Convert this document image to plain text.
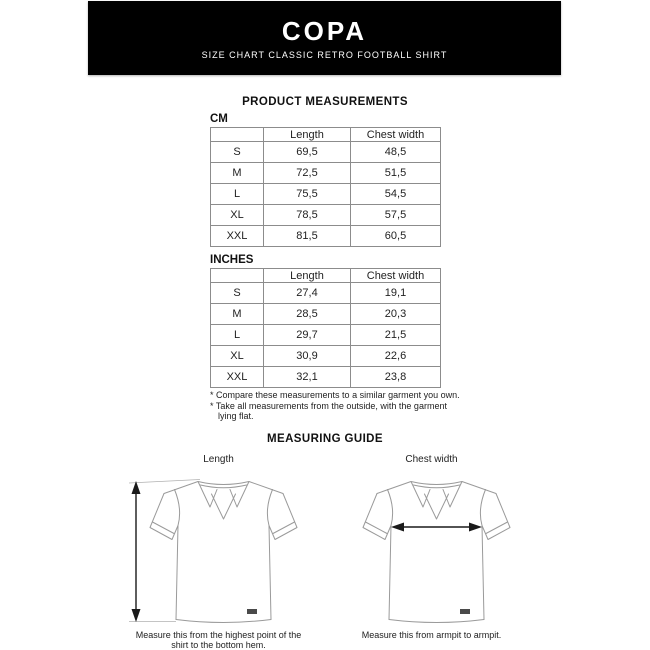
COPA
SIZE CHART CLASSIC RETRO FOOTBALL SHIRT
PRODUCT MEASUREMENTS
CM
	Length	Chest width
S	69,5	48,5
M	72,5	51,5
L	75,5	54,5
XL	78,5	57,5
XXL	81,5	60,5
INCHES
	Length	Chest width
S	27,4	19,1
M	28,5	20,3
L	29,7	21,5
XL	30,9	22,6
XXL	32,1	23,8
* Compare these measurements to a similar garment you own.
* Take all measurements from the outside, with the garment lying flat.
MEASURING GUIDE
Length
Measure this from the highest point of the shirt to the bottom hem.
Chest width
Measure this from armpit to armpit.
